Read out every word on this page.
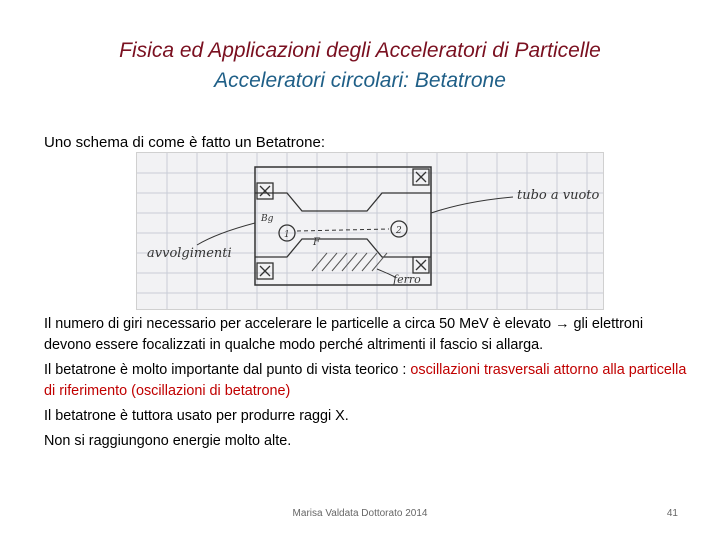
Fisica ed Applicazioni degli Acceleratori di Particelle
Acceleratori circolari: Betatrone
Uno schema di come è fatto un Betatrone:
tubo a vuoto
avvolgimenti
ferro
Bg
F
1	2

Il numero di giri necessario per accelerare le particelle a circa 50 MeV è elevato → gli elettroni devono essere focalizzati in qualche modo perché altrimenti il fascio si allarga.

Il betatrone è molto importante dal punto di vista teorico : oscillazioni trasversali attorno alla particella di riferimento (oscillazioni di betatrone)

Il betatrone è tuttora usato per produrre raggi X.

Non si raggiungono energie molto alte.

Marisa Valdata Dottorato 2014	41
